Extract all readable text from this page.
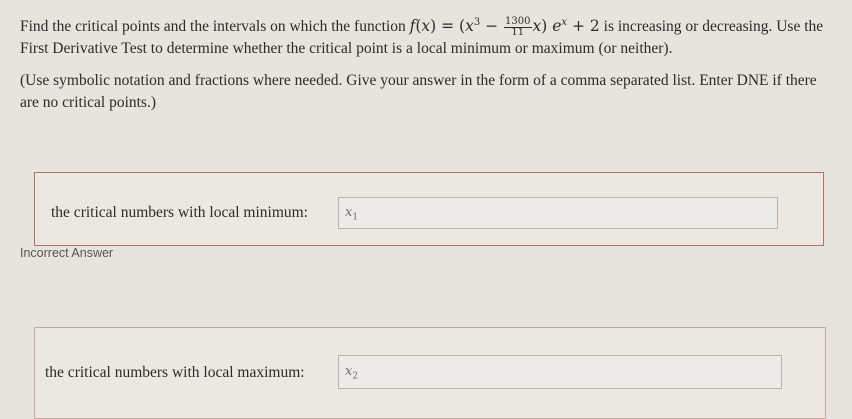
Find the critical points and the intervals on which the function $f(x) = (x^3 - \frac{1300}{11} x) e^x + 2$ is increasing or decreasing. Use the First Derivative Test to determine whether the critical point is a local minimum or maximum (or neither).

(Use symbolic notation and fractions where needed. Give your answer in the form of a comma separated list. Enter DNE if there are no critical points.)

the critical numbers with local minimum:	$x_1$
Incorrect Answer
the critical numbers with local maximum:	$x_2$
